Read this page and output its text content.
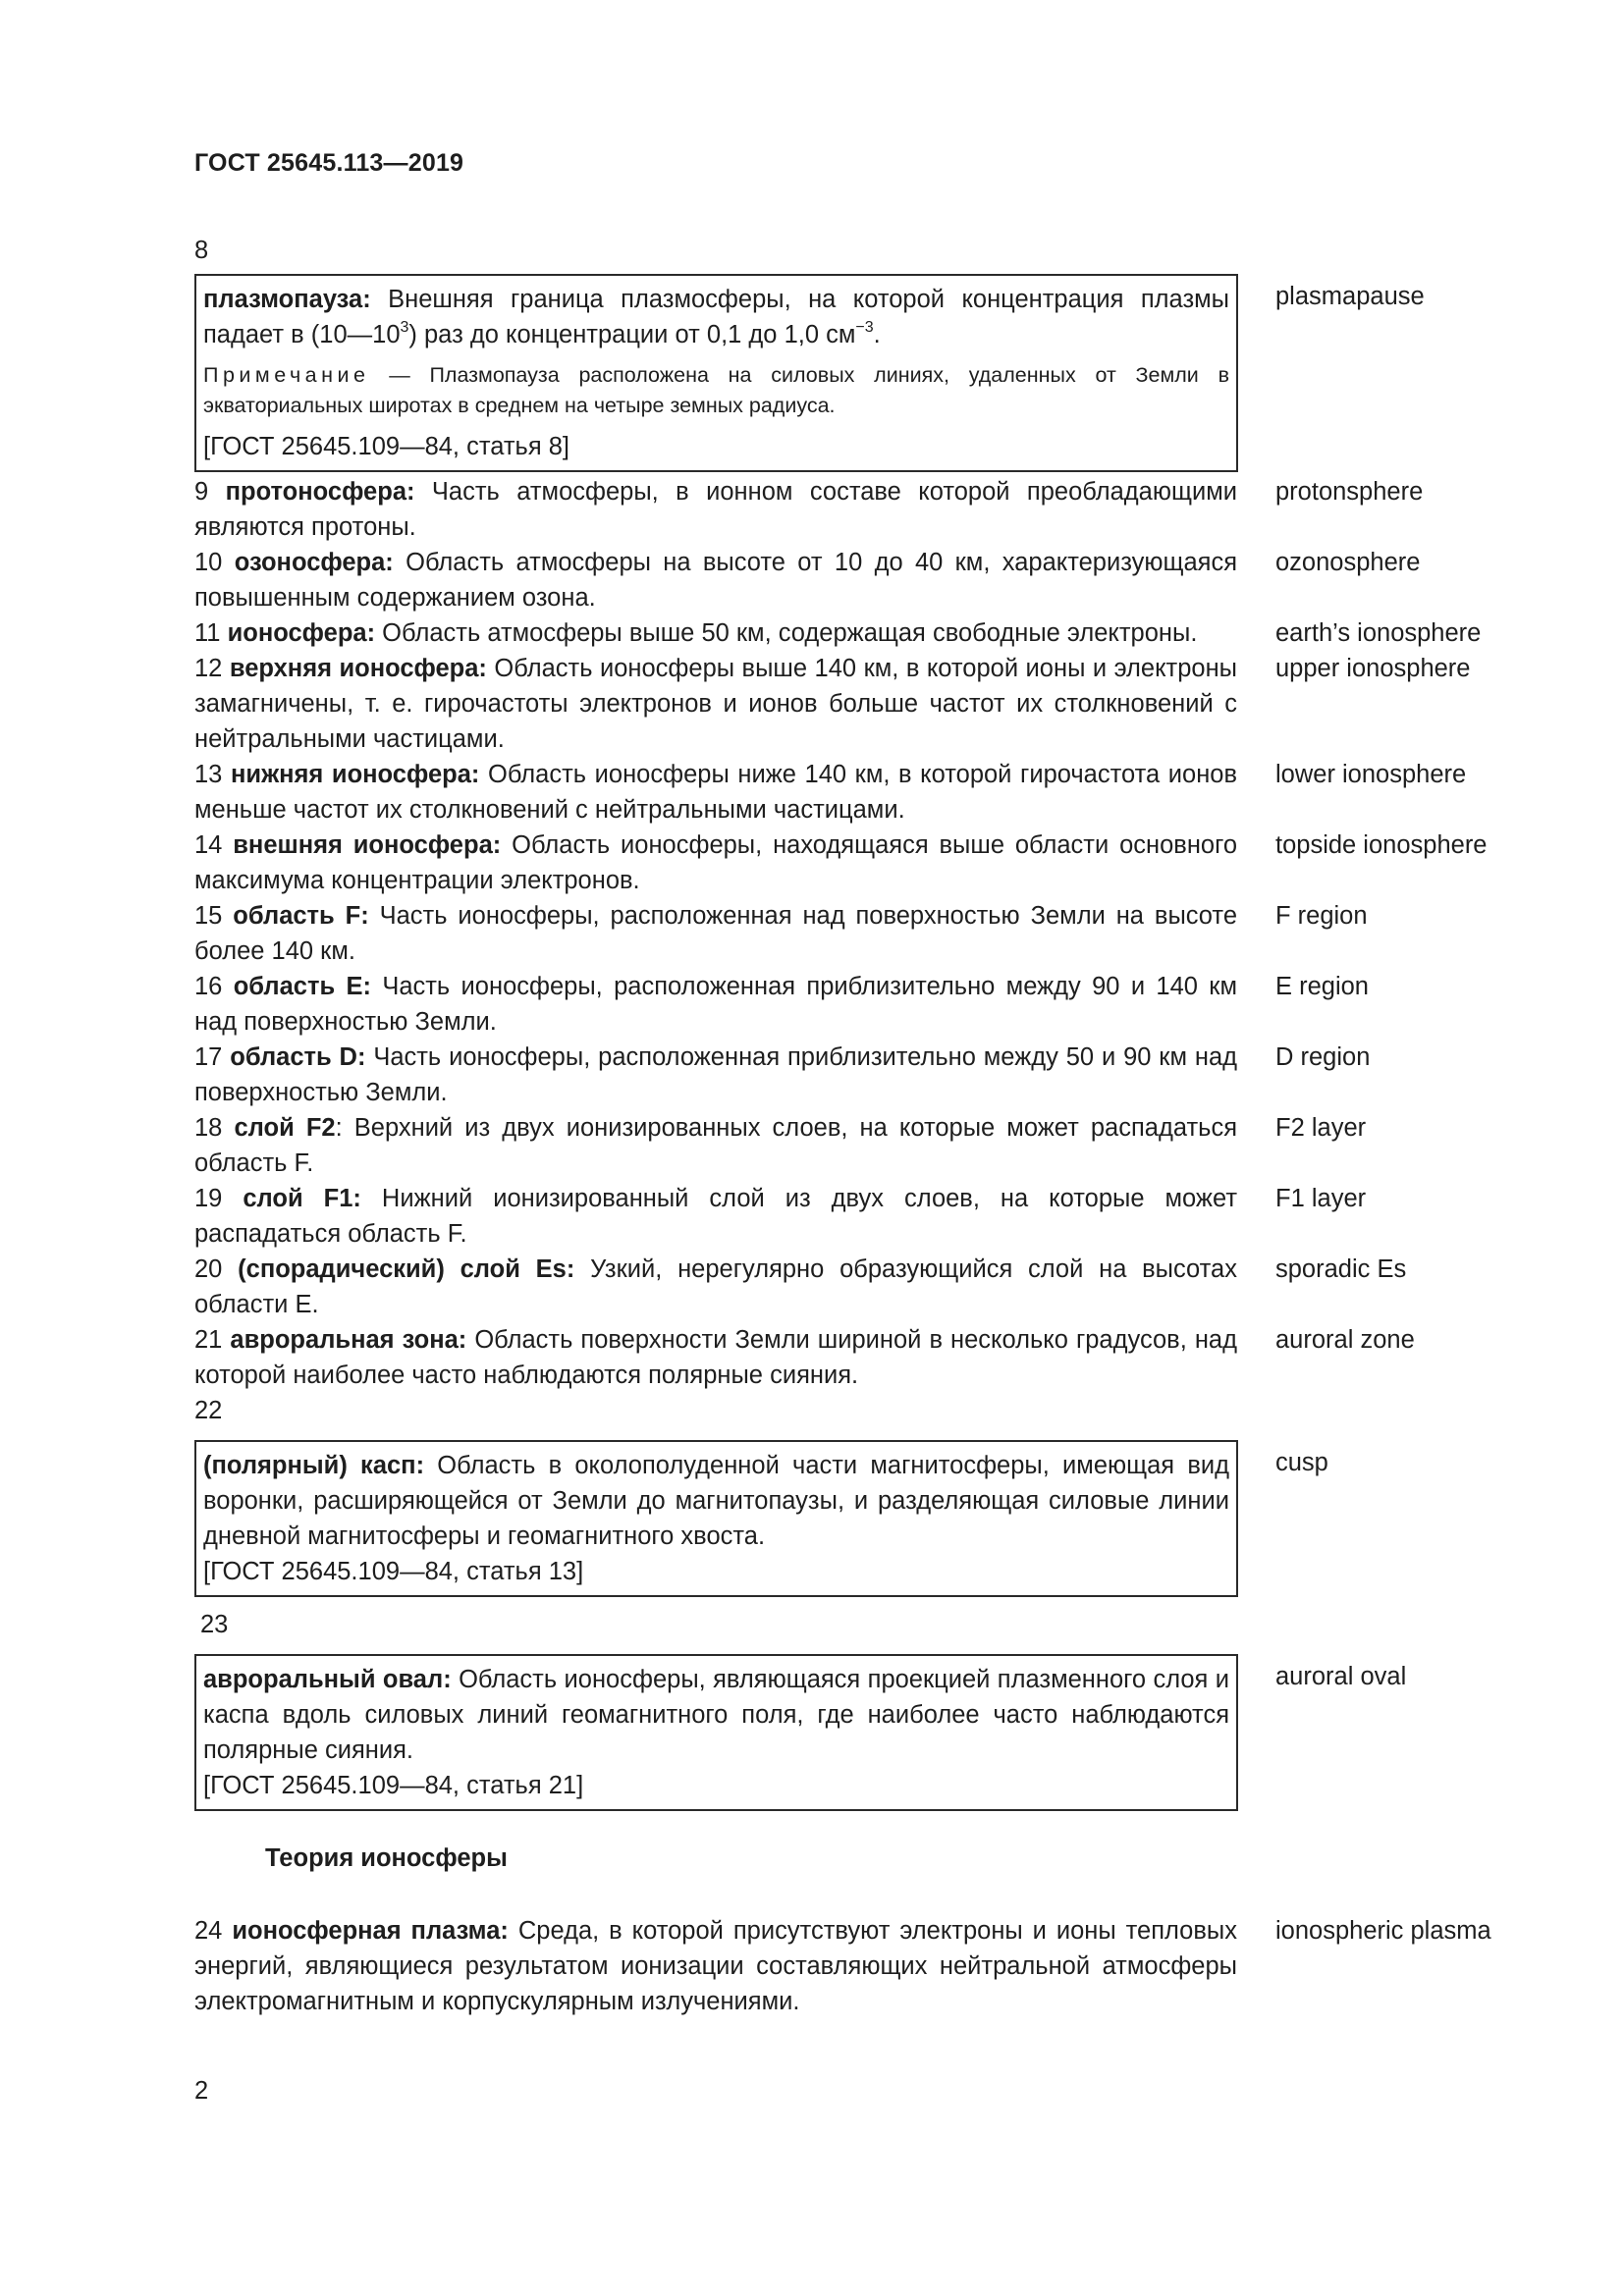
ГОСТ 25645.113—2019
8
плазмопауза: Внешняя граница плазмосферы, на которой концентрация плазмы падает в $(10—10^3)$ раз до концентрации от 0,1 до 1,0 $см^{-3}$.
Примечание — Плазмопауза расположена на силовых линиях, удаленных от Земли в экваториальных широтах в среднем на четыре земных радиуса.
[ГОСТ 25645.109—84, статья 8]
plasmapause
9 протоносфера: Часть атмосферы, в ионном составе которой преобладающими являются протоны.
protonsphere
10 озоносфера: Область атмосферы на высоте от 10 до 40 км, характеризующаяся повышенным содержанием озона.
ozonosphere
11 ионосфера: Область атмосферы выше 50 км, содержащая свободные электроны.	earth’s ionosphere
12 верхняя ионосфера: Область ионосферы выше 140 км, в которой ионы и электроны замагничены, т. е. гирочастоты электронов и ионов больше частот их столкновений с нейтральными частицами.
upper ionosphere
13 нижняя ионосфера: Область ионосферы ниже 140 км, в которой гирочастота ионов меньше частот их столкновений с нейтральными частицами.
lower ionosphere
14 внешняя ионосфера: Область ионосферы, находящаяся выше области основного максимума концентрации электронов.
topside ionosphere
15 область F: Часть ионосферы, расположенная над поверхностью Земли на высоте более 140 км.
F region
16 область E: Часть ионосферы, расположенная приблизительно между 90 и 140 км над поверхностью Земли.
E region
17 область D: Часть ионосферы, расположенная приблизительно между 50 и 90 км над поверхностью Земли.
D region
18 слой F2: Верхний из двух ионизированных слоев, на которые может распадаться область F.
F2 layer
19 слой F1: Нижний ионизированный слой из двух слоев, на которые может распадаться область F.
F1 layer
20 (спорадический) слой Es: Узкий, нерегулярно образующийся слой на высотах области E.
sporadic Es
21 авроральная зона: Область поверхности Земли шириной в несколько градусов, над которой наиболее часто наблюдаются полярные сияния.
auroral zone
22
(полярный) касп: Область в околополуденной части магнитосферы, имеющая вид воронки, расширяющейся от Земли до магнитопаузы, и разделяющая силовые линии дневной магнитосферы и геомагнитного хвоста.
[ГОСТ 25645.109—84, статья 13]
cusp
23
авроральный овал: Область ионосферы, являющаяся проекцией плазменного слоя и каспа вдоль силовых линий геомагнитного поля, где наиболее часто наблюдаются полярные сияния.
[ГОСТ 25645.109—84, статья 21]
auroral oval
Теория ионосферы
24 ионосферная плазма: Среда, в которой присутствуют электроны и ионы тепловых энергий, являющиеся результатом ионизации составляющих нейтральной атмосферы электромагнитным и корпускулярным излучениями.
ionospheric plasma
2
